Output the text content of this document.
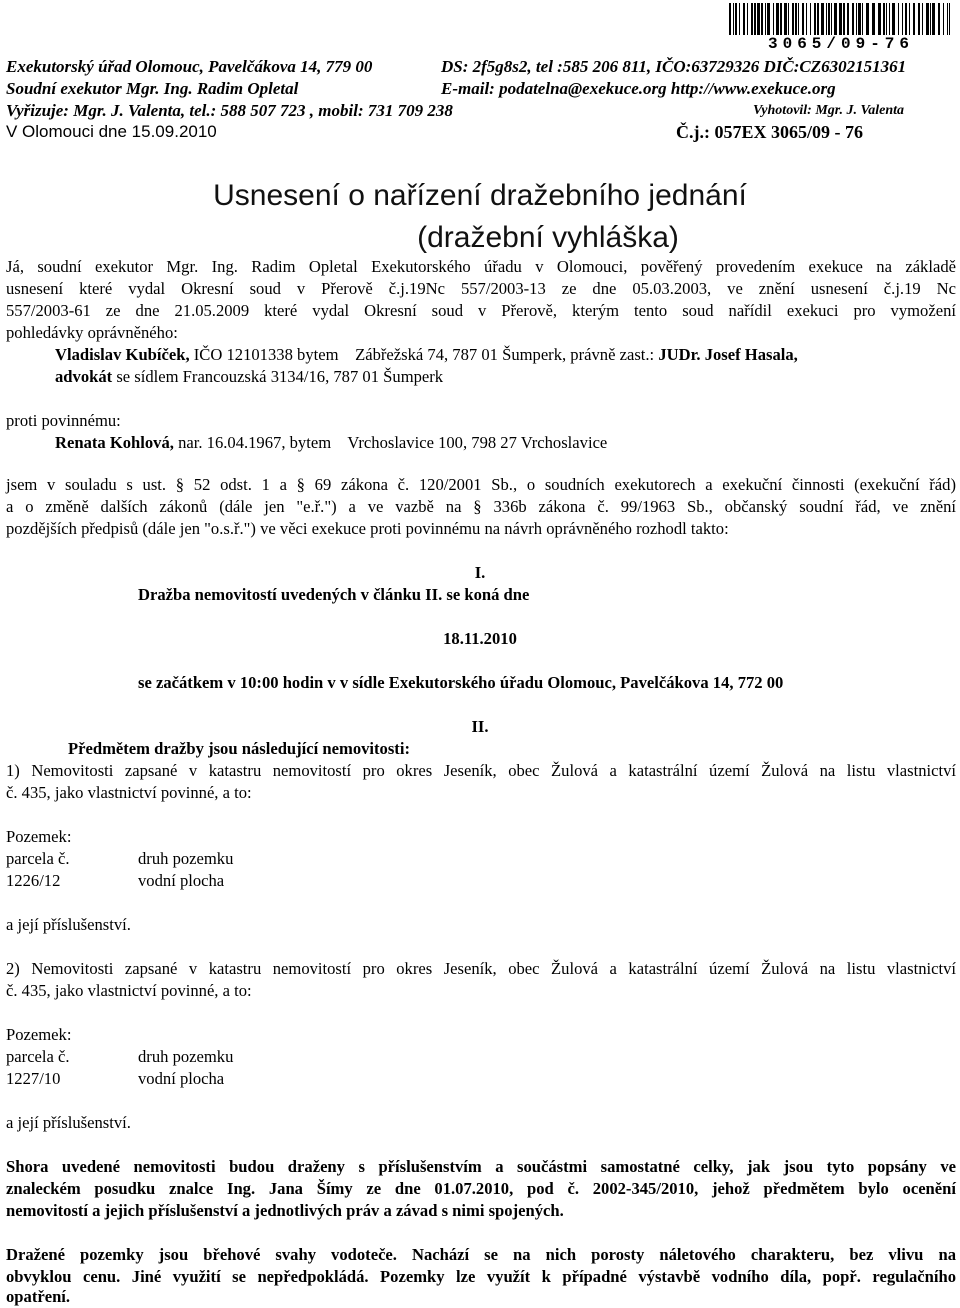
3065/09-76
Exekutorský úřad Olomouc, Pavelčákova 14, 779 00
Soudní exekutor Mgr. Ing. Radim Opletal
Vyřizuje: Mgr. J. Valenta, tel.: 588 507 723 , mobil: 731 709 238
DS: 2f5g8s2, tel :585 206 811, IČO:63729326 DIČ:CZ6302151361
E-mail: podatelna@exekuce.org http://www.exekuce.org
Vyhotovil: Mgr. J. Valenta
V Olomouci dne 15.09.2010	Č.j.: 057EX 3065/09 - 76
Usnesení o nařízení dražebního jednání
(dražební vyhláška)
Já, soudní exekutor Mgr. Ing. Radim Opletal Exekutorského úřadu v Olomouci, pověřený provedením exekuce na základě
usnesení které vydal Okresní soud v Přerově č.j.19Nc 557/2003-13 ze dne 05.03.2003, ve znění usnesení č.j.19 Nc
557/2003-61 ze dne 21.05.2009 které vydal Okresní soud v Přerově, kterým tento soud nařídil exekuci pro vymožení
pohledávky oprávněného:
Vladislav Kubíček, IČO 12101338 bytem    Zábřežská 74, 787 01 Šumperk, právně zast.: JUDr. Josef Hasala,
advokát se sídlem Francouzská 3134/16, 787 01 Šumperk
proti povinnému:
Renata Kohlová, nar. 16.04.1967, bytem    Vrchoslavice 100, 798 27 Vrchoslavice
jsem v souladu s ust. § 52 odst. 1 a § 69 zákona č. 120/2001 Sb., o soudních exekutorech a exekuční činnosti (exekuční řád)
a o změně dalších zákonů (dále jen "e.ř.") a ve vazbě na § 336b zákona č. 99/1963 Sb., občanský soudní řád, ve znění
pozdějších předpisů (dále jen "o.s.ř.") ve věci exekuce proti povinnému na návrh oprávněného rozhodl takto:
I.
Dražba nemovitostí uvedených v článku II. se koná dne
18.11.2010
se začátkem v 10:00 hodin v v sídle Exekutorského úřadu Olomouc, Pavelčákova 14, 772 00
II.
Předmětem dražby jsou následující nemovitosti:
1) Nemovitosti zapsané v katastru nemovitostí pro okres Jeseník, obec Žulová a katastrální území Žulová na listu vlastnictví
č. 435, jako vlastnictví povinné, a to:
Pozemek:
parcela č.	druh pozemku
1226/12	vodní plocha
a její příslušenství.
2) Nemovitosti zapsané v katastru nemovitostí pro okres Jeseník, obec Žulová a katastrální území Žulová na listu vlastnictví
č. 435, jako vlastnictví povinné, a to:
Pozemek:
parcela č.	druh pozemku
1227/10	vodní plocha
a její příslušenství.
Shora uvedené nemovitosti budou draženy s příslušenstvím a součástmi samostatné celky, jak jsou tyto popsány ve
znaleckém posudku znalce Ing. Jana Šímy ze dne 01.07.2010, pod č. 2002-345/2010, jehož předmětem bylo ocenění
nemovitostí a jejich příslušenství a jednotlivých práv a závad s nimi spojených.
Dražené pozemky jsou břehové svahy vodoteče. Nachází se na nich porosty náletového charakteru, bez vlivu na
obvyklou cenu. Jiné využití se nepředpokládá. Pozemky lze využít k případné výstavbě vodního díla, popř. regulačního
opatření.
